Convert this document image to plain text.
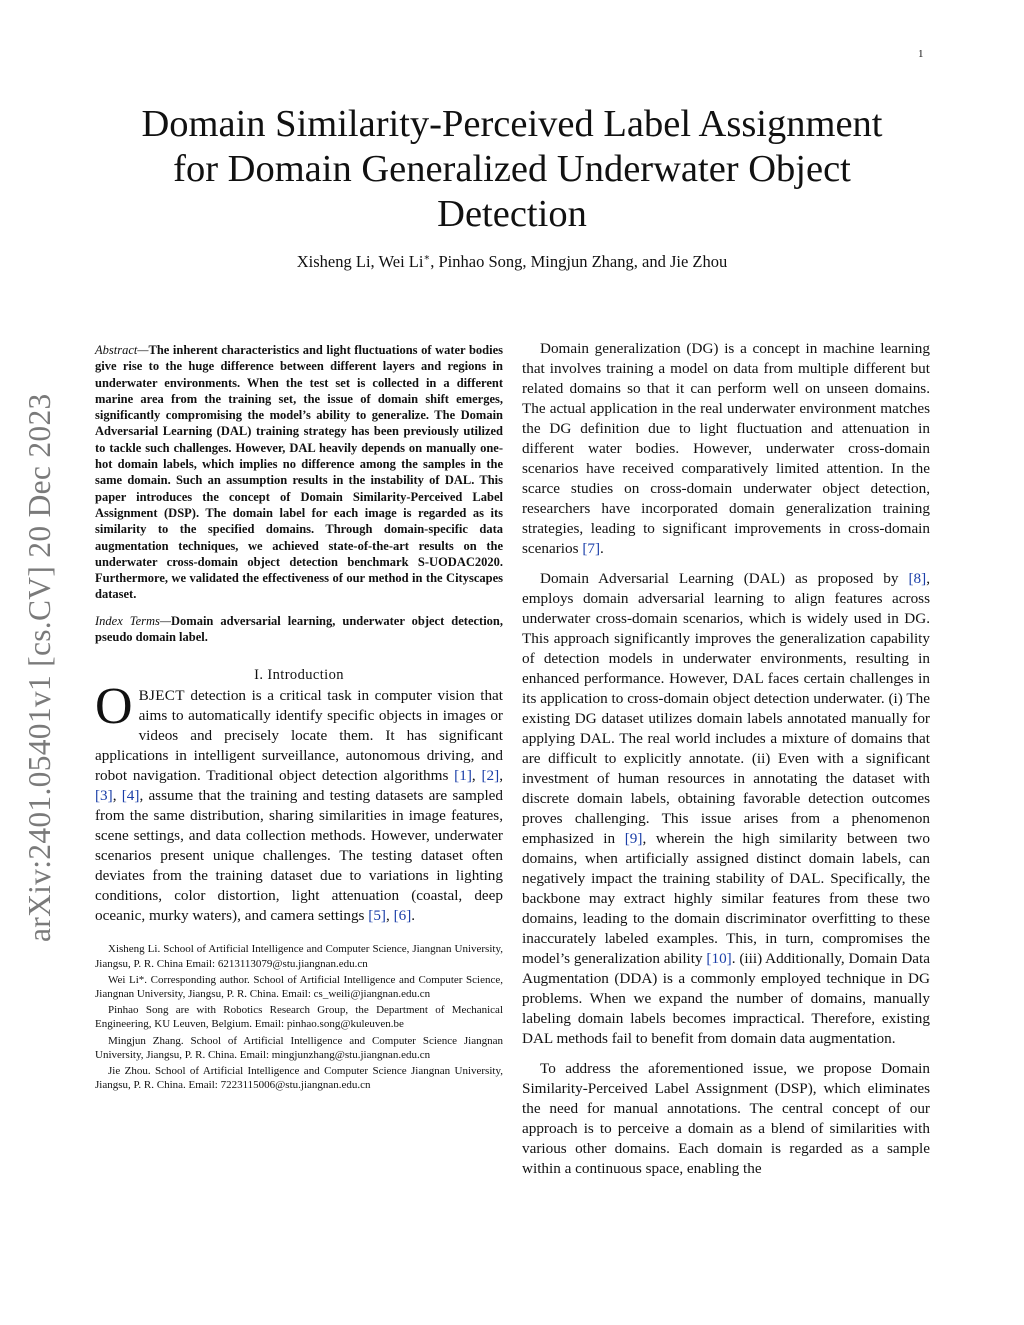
1
arXiv:2401.05401v1 [cs.CV] 20 Dec 2023
Domain Similarity-Perceived Label Assignment
for Domain Generalized Underwater Object
Detection
Xisheng Li, Wei Li∗, Pinhao Song, Mingjun Zhang, and Jie Zhou

Abstract—The inherent characteristics and light fluctuations of water bodies give rise to the huge difference between different layers and regions in underwater environments. When the test set is collected in a different marine area from the training set, the issue of domain shift emerges, significantly compromising the model’s ability to generalize. The Domain Adversarial Learning (DAL) training strategy has been previously utilized to tackle such challenges. However, DAL heavily depends on manually one-hot domain labels, which implies no difference among the samples in the same domain. Such an assumption results in the instability of DAL. This paper introduces the concept of Domain Similarity-Perceived Label Assignment (DSP). The domain label for each image is regarded as its similarity to the specified domains. Through domain-specific data augmentation techniques, we achieved state-of-the-art results on the underwater cross-domain object detection benchmark S-UODAC2020. Furthermore, we validated the effectiveness of our method in the Cityscapes dataset.

Index Terms—Domain adversarial learning, underwater object detection, pseudo domain label.

I. Introduction

OBJECT detection is a critical task in computer vision that aims to automatically identify specific objects in images or videos and precisely locate them. It has significant applications in intelligent surveillance, autonomous driving, and robot navigation. Traditional object detection algorithms [1], [2], [3], [4], assume that the training and testing datasets are sampled from the same distribution, sharing similarities in image features, scene settings, and data collection methods. However, underwater scenarios present unique challenges. The testing dataset often deviates from the training dataset due to variations in lighting conditions, color distortion, light attenuation (coastal, deep oceanic, murky waters), and camera settings [5], [6].

Xisheng Li. School of Artificial Intelligence and Computer Science, Jiangnan University, Jiangsu, P. R. China Email: 6213113079@stu.jiangnan.edu.cn

Wei Li*. Corresponding author. School of Artificial Intelligence and Computer Science, Jiangnan University, Jiangsu, P. R. China. Email: cs_weili@jiangnan.edu.cn

Pinhao Song are with Robotics Research Group, the Department of Mechanical Engineering, KU Leuven, Belgium. Email: pinhao.song@kuleuven.be

Mingjun Zhang. School of Artificial Intelligence and Computer Science Jiangnan University, Jiangsu, P. R. China. Email: mingjunzhang@stu.jiangnan.edu.cn

Jie Zhou. School of Artificial Intelligence and Computer Science Jiangnan University, Jiangsu, P. R. China. Email: 7223115006@stu.jiangnan.edu.cn

Domain generalization (DG) is a concept in machine learning that involves training a model on data from multiple different but related domains so that it can perform well on unseen domains. The actual application in the real underwater environment matches the DG definition due to light fluctuation and attenuation in different water bodies. However, underwater cross-domain scenarios have received comparatively limited attention. In the scarce studies on cross-domain underwater object detection, researchers have incorporated domain generalization training strategies, leading to significant improvements in cross-domain scenarios [7].

Domain Adversarial Learning (DAL) as proposed by [8], employs domain adversarial learning to align features across underwater cross-domain scenarios, which is widely used in DG. This approach significantly improves the generalization capability of detection models in underwater environments, resulting in enhanced performance. However, DAL faces certain challenges in its application to cross-domain object detection underwater. (i) The existing DG dataset utilizes domain labels annotated manually for applying DAL. The real world includes a mixture of domains that are difficult to explicitly annotate. (ii) Even with a significant investment of human resources in annotating the dataset with discrete domain labels, obtaining favorable detection outcomes proves challenging. This issue arises from a phenomenon emphasized in [9], wherein the high similarity between two domains, when artificially assigned distinct domain labels, can negatively impact the training stability of DAL. Specifically, the backbone may extract highly similar features from these two domains, leading to the domain discriminator overfitting to these inaccurately labeled examples. This, in turn, compromises the model’s generalization ability [10]. (iii) Additionally, Domain Data Augmentation (DDA) is a commonly employed technique in DG problems. When we expand the number of domains, manually labeling domain labels becomes impractical. Therefore, existing DAL methods fail to benefit from domain data augmentation.

To address the aforementioned issue, we propose Domain Similarity-Perceived Label Assignment (DSP), which eliminates the need for manual annotations. The central concept of our approach is to perceive a domain as a blend of similarities with various other domains. Each domain is regarded as a sample within a continuous space, enabling the
